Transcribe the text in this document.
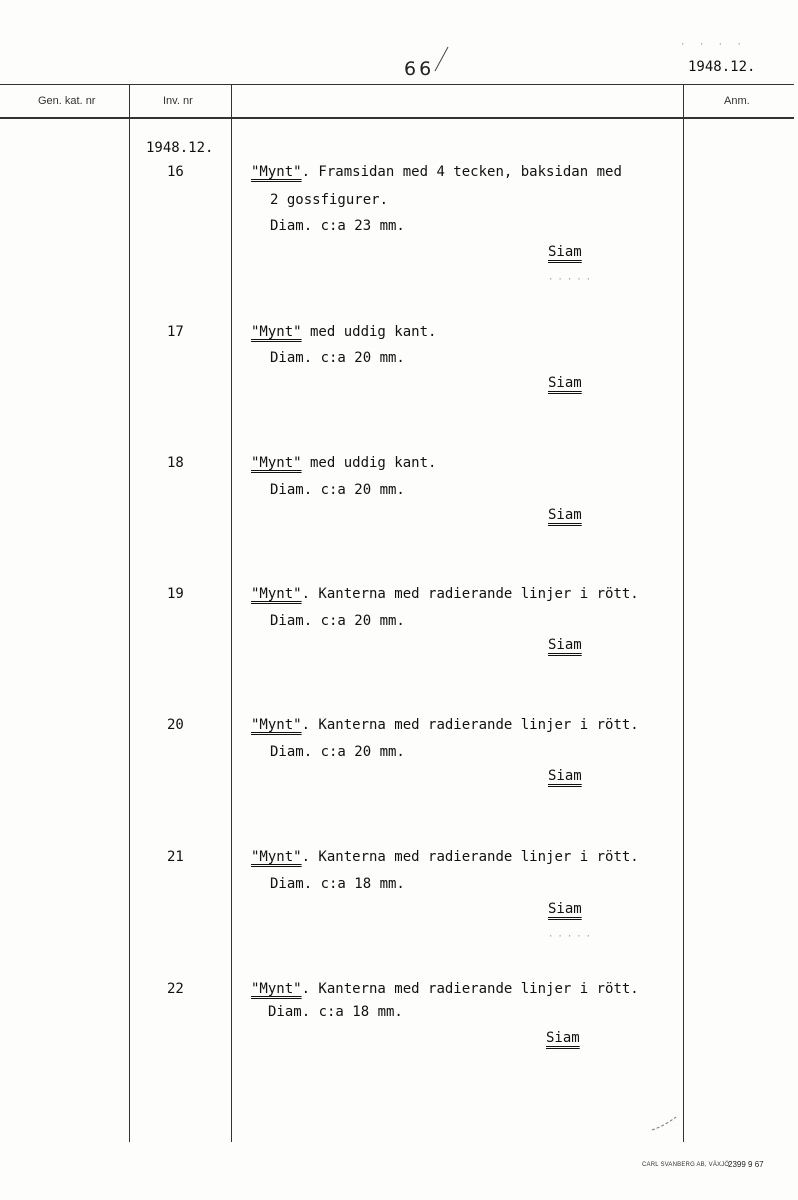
66	1948.12.
Gen. kat. nr	Inv. nr	Anm.
1948.12.
16	"Mynt". Framsidan med 4 tecken, baksidan med
2 gossfigurer.
Diam. c:a 23 mm.
Siam
17	"Mynt" med uddig kant.
Diam. c:a 20 mm.
Siam
18	"Mynt" med uddig kant.
Diam. c:a 20 mm.
Siam
19	"Mynt". Kanterna med radierande linjer i rött.
Diam. c:a 20 mm.
Siam
20	"Mynt". Kanterna med radierande linjer i rött.
Diam. c:a 20 mm.
Siam
21	"Mynt". Kanterna med radierande linjer i rött.
Diam. c:a 18 mm.
Siam
22	"Mynt". Kanterna med radierande linjer i rött.
Diam. c:a 18 mm.
Siam
·····
·····
· · · ·
CARL SVANBERG AB, VÄXJÖ
2399 9 67
